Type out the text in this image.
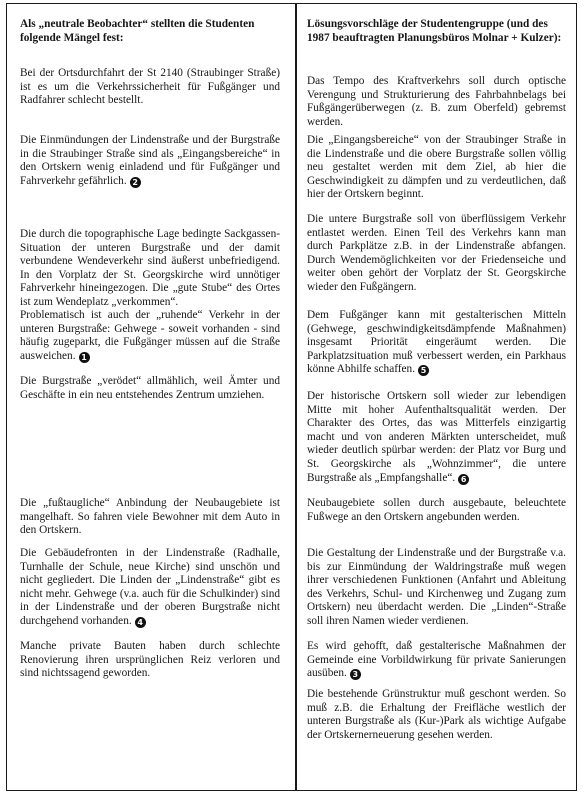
Als „neutrale Beobachter“ stellten die Studenten folgende Mängel fest:

Bei der Ortsdurchfahrt der St 2140 (Straubinger Straße) ist es um die Verkehrssicherheit für Fußgänger und Radfahrer schlecht bestellt.

Die Einmündungen der Lindenstraße und der Burgstraße in die Straubinger Straße sind als „Eingangsbereiche“ in den Ortskern wenig einladend und für Fußgänger und Fahrverkehr gefährlich. 2

Die durch die topographische Lage bedingte Sackgassen-Situation der unteren Burgstraße und der damit verbundene Wendeverkehr sind äußerst unbefriedigend. In den Vorplatz der St. Georgskirche wird unnötiger Fahrverkehr hineingezogen. Die „gute Stube“ des Ortes ist zum Wendeplatz „verkommen“.

Problematisch ist auch der „ruhende“ Verkehr in der unteren Burgstraße: Gehwege - soweit vorhanden - sind häufig zugeparkt, die Fußgänger müssen auf die Straße ausweichen. 1

Die Burgstraße „verödet“ allmählich, weil Ämter und Geschäfte in ein neu entstehendes Zentrum umziehen.

Die „fußtaugliche“ Anbindung der Neubaugebiete ist mangelhaft. So fahren viele Bewohner mit dem Auto in den Ortskern.

Die Gebäudefronten in der Lindenstraße (Radhalle, Turnhalle der Schule, neue Kirche) sind unschön und nicht gegliedert. Die Linden der „Lindenstraße“ gibt es nicht mehr. Gehwege (v.a. auch für die Schulkinder) sind in der Lindenstraße und der oberen Burgstraße nicht durchgehend vorhanden. 4

Manche private Bauten haben durch schlechte Renovierung ihren ursprünglichen Reiz verloren und sind nichtssagend geworden.

Lösungsvorschläge der Studentengruppe (und des 1987 beauftragten Planungsbüros Molnar + Kulzer):

Das Tempo des Kraftverkehrs soll durch optische Verengung und Strukturierung des Fahrbahnbelags bei Fußgängerüberwegen (z. B. zum Oberfeld) gebremst werden.

Die „Eingangsbereiche“ von der Straubinger Straße in die Lindenstraße und die obere Burgstraße sollen völlig neu gestaltet werden mit dem Ziel, ab hier die Geschwindigkeit zu dämpfen und zu verdeutlichen, daß hier der Ortskern beginnt.

Die untere Burgstraße soll von überflüssigem Verkehr entlastet werden. Einen Teil des Verkehrs kann man durch Parkplätze z.B. in der Lindenstraße abfangen. Durch Wendemöglichkeiten vor der Friedenseiche und weiter oben gehört der Vorplatz der St. Georgskirche wieder den Fußgängern.

Dem Fußgänger kann mit gestalterischen Mitteln (Gehwege, geschwindigkeitsdämpfende Maßnahmen) insgesamt Priorität eingeräumt werden. Die Parkplatzsituation muß verbessert werden, ein Parkhaus könne Abhilfe schaffen. 5

Der historische Ortskern soll wieder zur lebendigen Mitte mit hoher Aufenthaltsqualität werden. Der Charakter des Ortes, das was Mitterfels einzigartig macht und von anderen Märkten unterscheidet, muß wieder deutlich spürbar werden: der Platz vor Burg und St. Georgskirche als „Wohnzimmer“, die untere Burgstraße als „Empfangshalle“. 6

Neubaugebiete sollen durch ausgebaute, beleuchtete Fußwege an den Ortskern angebunden werden.

Die Gestaltung der Lindenstraße und der Burgstraße v.a. bis zur Einmündung der Waldringstraße muß wegen ihrer verschiedenen Funktionen (Anfahrt und Ableitung des Verkehrs, Schul- und Kirchenweg und Zugang zum Ortskern) neu überdacht werden. Die „Linden“-Straße soll ihren Namen wieder verdienen.

Es wird gehofft, daß gestalterische Maßnahmen der Gemeinde eine Vorbildwirkung für private Sanierungen ausüben. 3

Die bestehende Grünstruktur muß geschont werden. So muß z.B. die Erhaltung der Freifläche westlich der unteren Burgstraße als (Kur-)Park als wichtige Aufgabe der Ortskernerneuerung gesehen werden.
